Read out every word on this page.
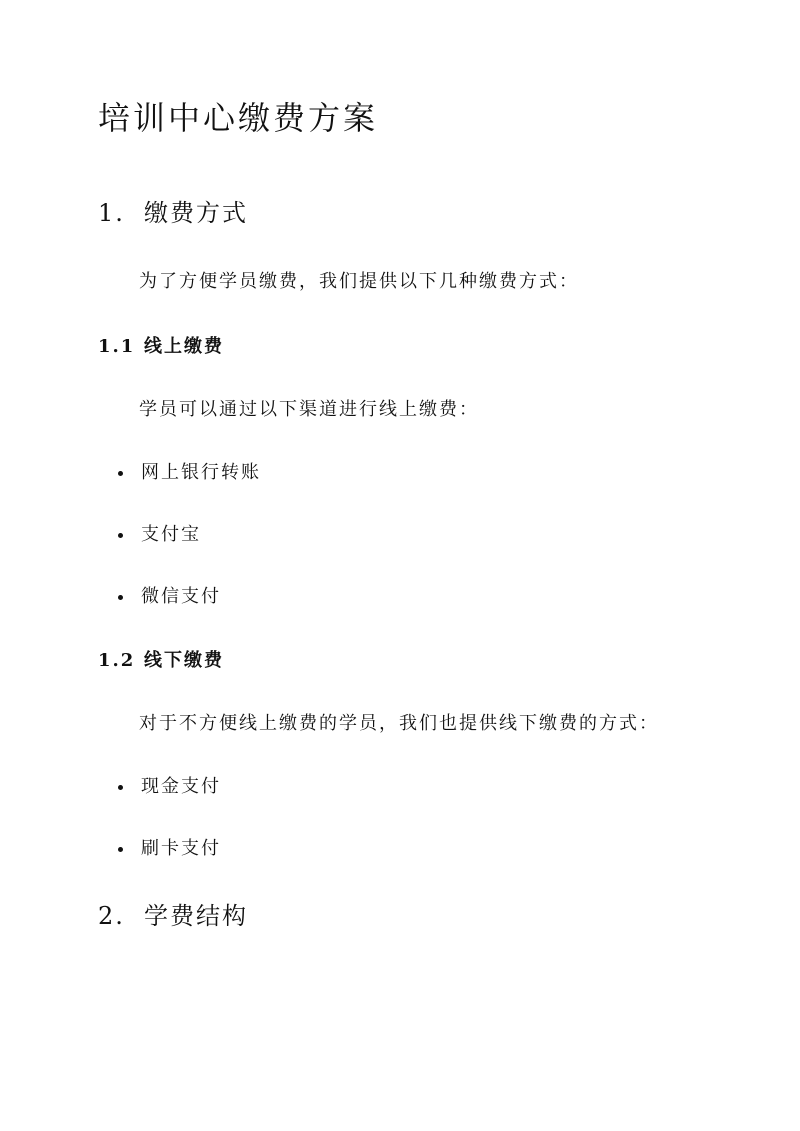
培训中心缴费方案
1. 缴费方式

为了方便学员缴费，我们提供以下几种缴费方式：

1.1 线上缴费

学员可以通过以下渠道进行线上缴费：

网上银行转账
支付宝
微信支付
1.2 线下缴费

对于不方便线上缴费的学员，我们也提供线下缴费的方式：

现金支付
刷卡支付
2. 学费结构
